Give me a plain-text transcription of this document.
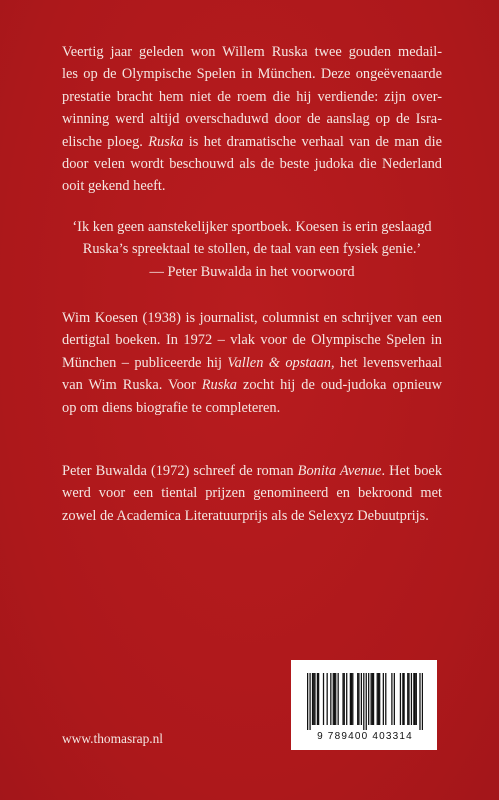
Veertig jaar geleden won Willem Ruska twee gouden medail-
les op de Olympische Spelen in München. Deze ongeëvenaarde
prestatie bracht hem niet de roem die hij verdiende: zijn over-
winning werd altijd overschaduwd door de aanslag op de Isra-
elische ploeg. Ruska is het dramatische verhaal van de man die
door velen wordt beschouwd als de beste judoka die Nederland
ooit gekend heeft.
‘Ik ken geen aanstekelijker sportboek. Koesen is erin geslaagd
Ruska’s spreektaal te stollen, de taal van een fysiek genie.’
— Peter Buwalda in het voorwoord
Wim Koesen (1938) is journalist, columnist en schrijver van een
dertigtal boeken. In 1972 – vlak voor de Olympische Spelen in
München – publiceerde hij Vallen & opstaan, het levensverhaal
van Wim Ruska. Voor Ruska zocht hij de oud-judoka opnieuw
op om diens biografie te completeren.
Peter Buwalda (1972) schreef de roman Bonita Avenue. Het boek
werd voor een tiental prijzen genomineerd en bekroond met
zowel de Academica Literatuurprijs als de Selexyz Debuutprijs.
9 789400 403314
www.thomasrap.nl
